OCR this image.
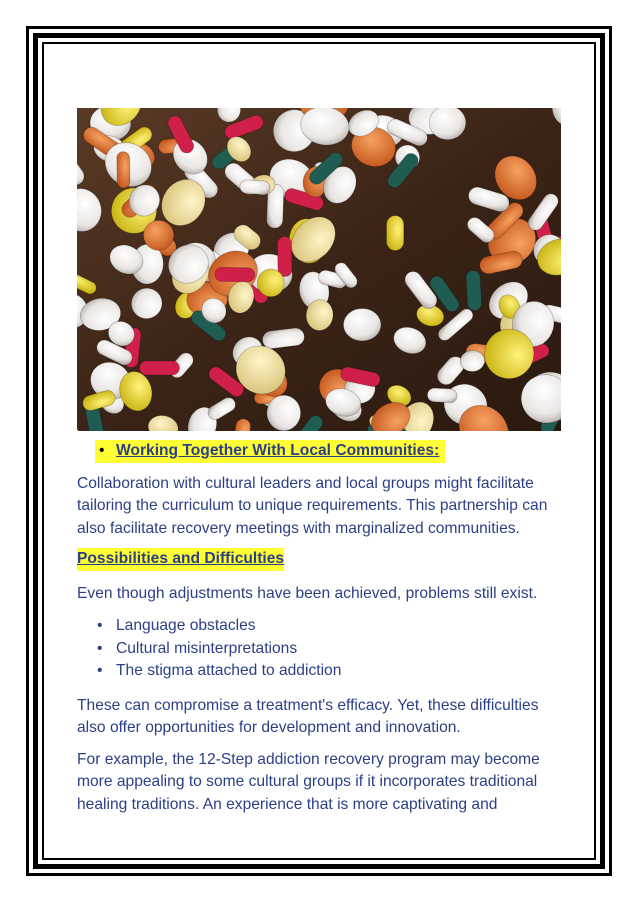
• Working Together With Local Communities:

Collaboration with cultural leaders and local groups might facilitate tailoring the curriculum to unique requirements. This partnership can also facilitate recovery meetings with marginalized communities.

Possibilities and Difficulties

Even though adjustments have been achieved, problems still exist.

• Language obstacles
• Cultural misinterpretations
• The stigma attached to addiction

These can compromise a treatment's efficacy. Yet, these difficulties also offer opportunities for development and innovation.

For example, the 12-Step addiction recovery program may become more appealing to some cultural groups if it incorporates traditional healing traditions. An experience that is more captivating and
